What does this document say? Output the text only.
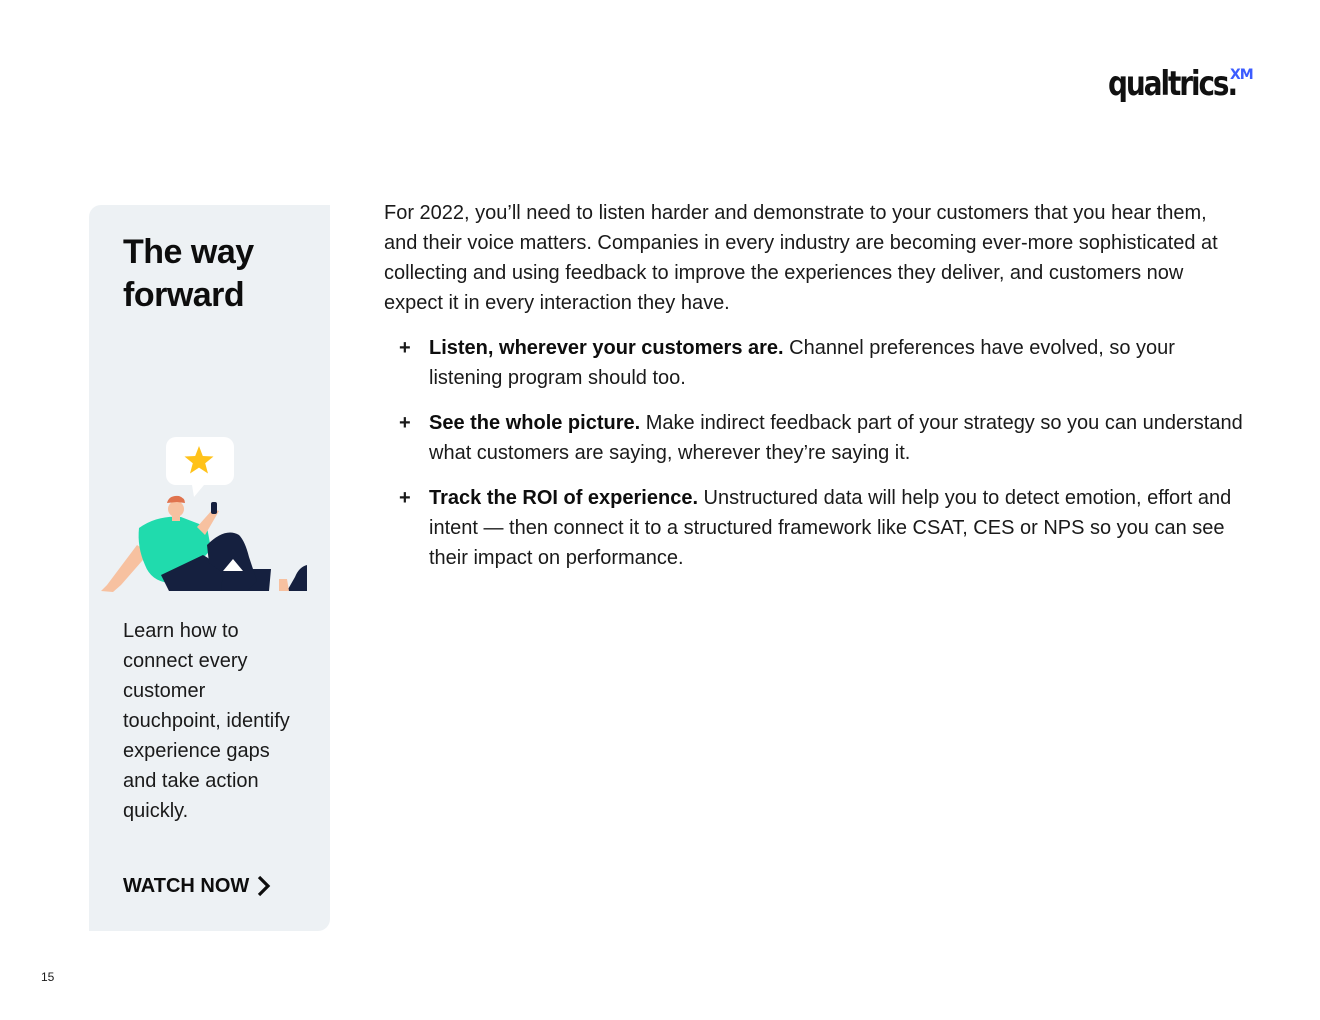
qualtrics.
XM
The way forward

Learn how to connect every customer touchpoint, identify experience gaps and take action quickly.

WATCH NOW

For 2022, you’ll need to listen harder and demonstrate to your customers that you hear them, and their voice matters. Companies in every industry are becoming ever-more sophisticated at collecting and using feedback to improve the experiences they deliver, and customers now expect it in every interaction they have.

+ Listen, wherever your customers are. Channel preferences have evolved, so your listening program should too.
+ See the whole picture. Make indirect feedback part of your strategy so you can understand what customers are saying, wherever they’re saying it.
+ Track the ROI of experience. Unstructured data will help you to detect emotion, effort and intent — then connect it to a structured framework like CSAT, CES or NPS so you can see their impact on performance.
15
